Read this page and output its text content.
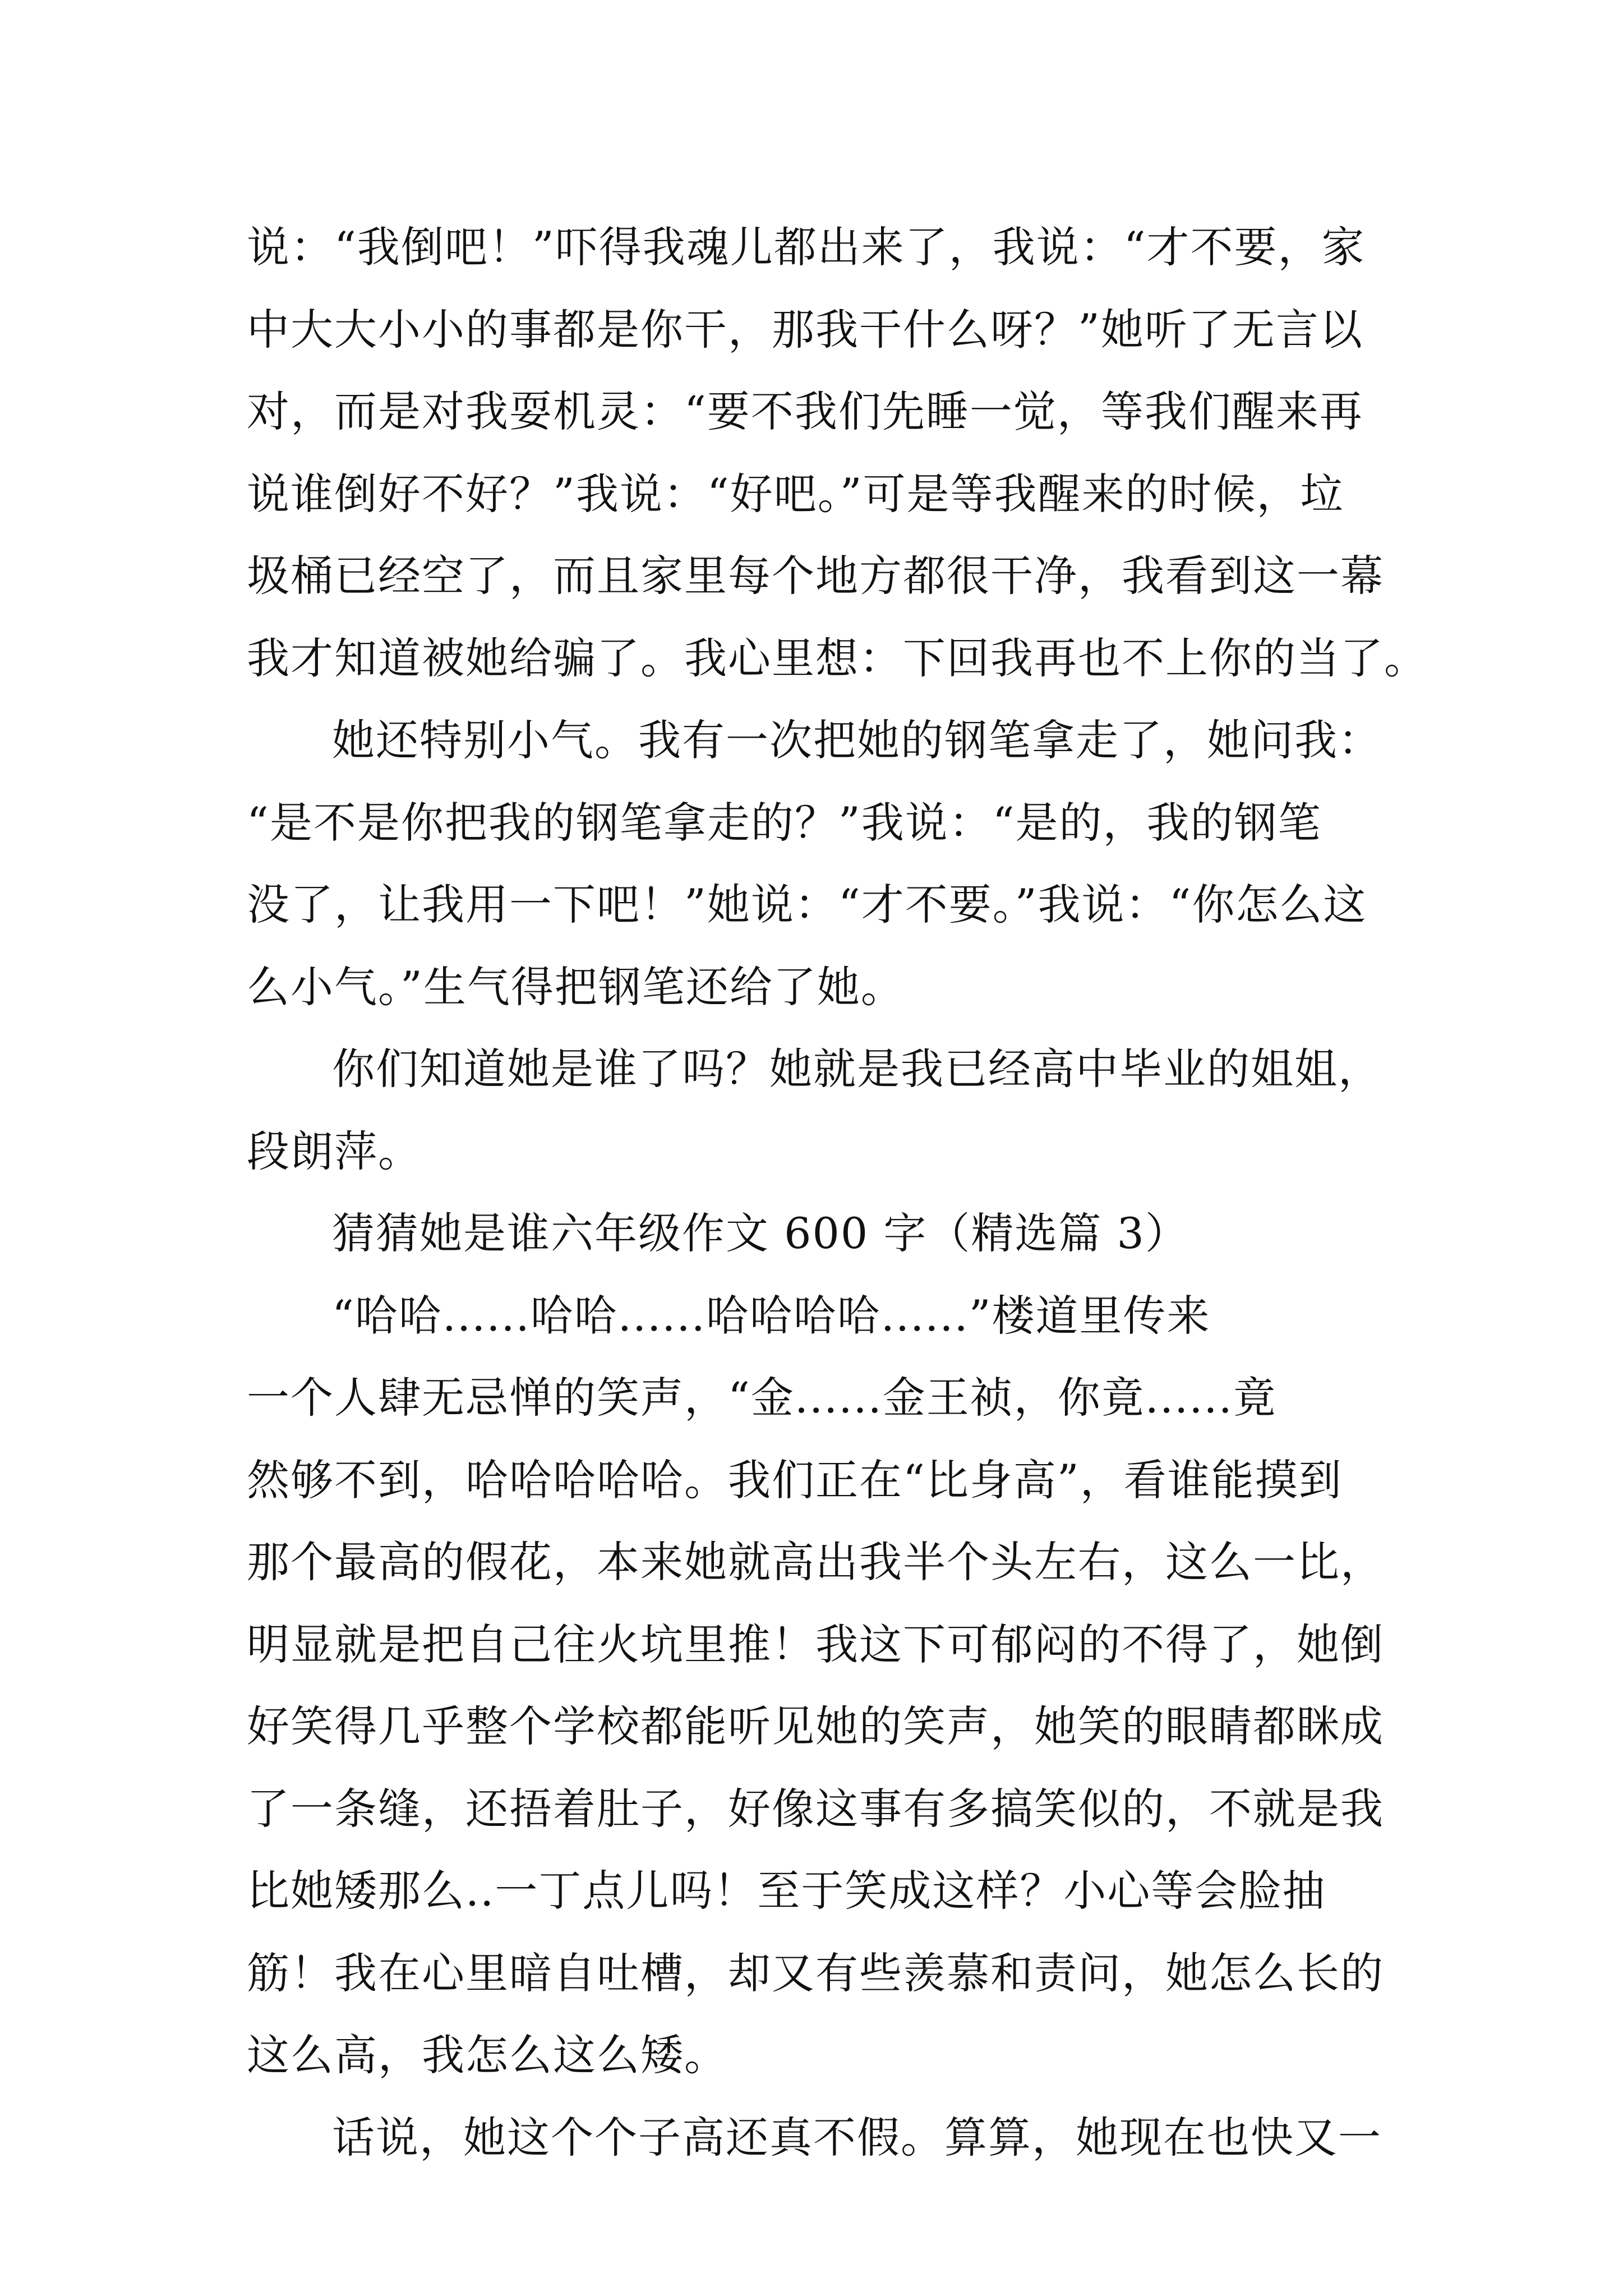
说：“我倒吧！”吓得我魂儿都出来了，我说：“才不要，家

中大大小小的事都是你干，那我干什么呀？”她听了无言以

对，而是对我耍机灵：“要不我们先睡一觉，等我们醒来再

说谁倒好不好？”我说：“好吧。”可是等我醒来的时候，垃

圾桶已经空了，而且家里每个地方都很干净，我看到这一幕

我才知道被她给骗了。我心里想：下回我再也不上你的当了。

她还特别小气。我有一次把她的钢笔拿走了，她问我：

“是不是你把我的钢笔拿走的？”我说：“是的，我的钢笔

没了，让我用一下吧！”她说：“才不要。”我说：“你怎么这

么小气。”生气得把钢笔还给了她。

你们知道她是谁了吗？她就是我已经高中毕业的姐姐，

段朗萍。

猜猜她是谁六年级作文 600 字（精选篇 3）

“哈哈......哈哈......哈哈哈哈......”楼道里传来

一个人肆无忌惮的笑声，“金......金王祯，你竟......竟

然够不到，哈哈哈哈哈。我们正在“比身高”，看谁能摸到

那个最高的假花，本来她就高出我半个头左右，这么一比，

明显就是把自己往火坑里推！我这下可郁闷的不得了，她倒

好笑得几乎整个学校都能听见她的笑声，她笑的眼睛都眯成

了一条缝，还捂着肚子，好像这事有多搞笑似的，不就是我

比她矮那么..一丁点儿吗！至于笑成这样？小心等会脸抽

筋！我在心里暗自吐槽，却又有些羡慕和责问，她怎么长的

这么高，我怎么这么矮。

话说，她这个个子高还真不假。算算，她现在也快又一
